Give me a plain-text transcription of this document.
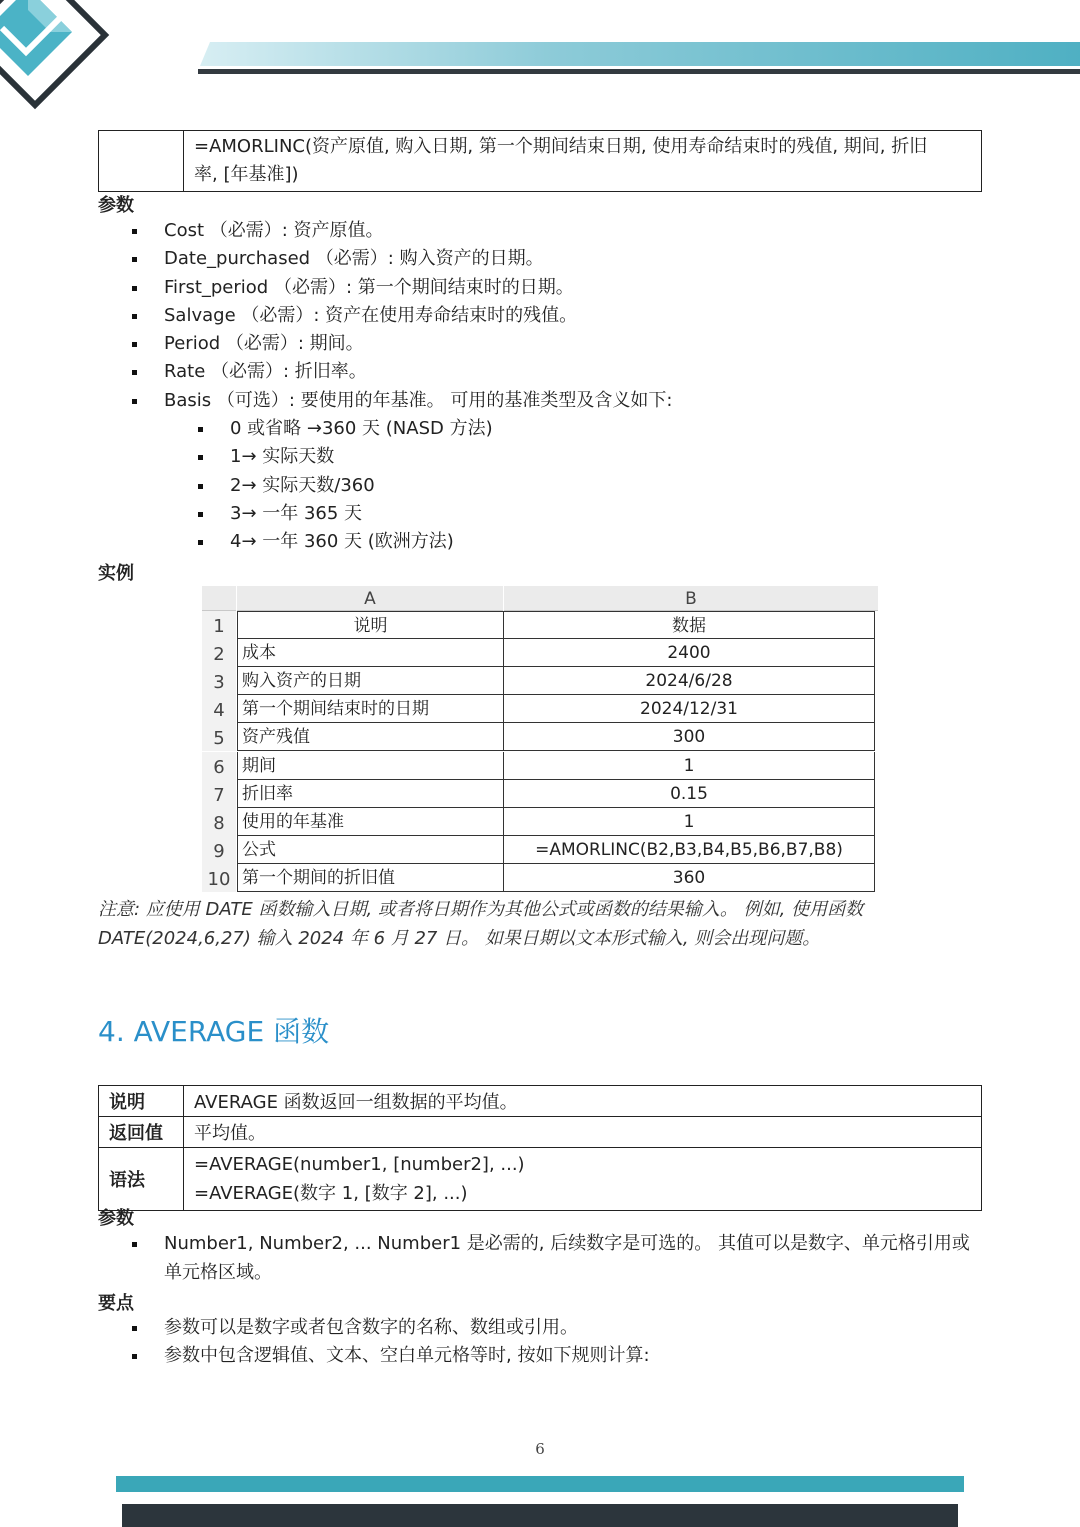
=AMORLINC(资产原值, 购入日期, 第一个期间结束日期, 使用寿命结束时的残值, 期间, 折旧
率, [年基准])
参数
Cost （必需）: 资产原值。
Date_purchased （必需）: 购入资产的日期。
First_period （必需）: 第一个期间结束时的日期。
Salvage （必需）: 资产在使用寿命结束时的残值。
Period （必需）: 期间。
Rate （必需）: 折旧率。
Basis （可选）: 要使用的年基准。 可用的基准类型及含义如下:
0 或省略 →360 天 (NASD 方法)
1→ 实际天数
2→ 实际天数/360
3→ 一年 365 天
4→ 一年 360 天 (欧洲方法)
实例
A	B
1	说明	数据
2	成本	2400
3	购入资产的日期	2024/6/28
4	第一个期间结束时的日期	2024/12/31
5	资产残值	300
6	期间	1
7	折旧率	0.15
8	使用的年基准	1
9	公式	=AMORLINC(B2,B3,B4,B5,B6,B7,B8)
10 第一个期间的折旧值	360
注意: 应使用 DATE 函数输入日期, 或者将日期作为其他公式或函数的结果输入。 例如, 使用函数
DATE(2024,6,27) 输入 2024 年 6 月 27 日。 如果日期以文本形式输入, 则会出现问题。
4. AVERAGE 函数
说明	AVERAGE 函数返回一组数据的平均值。
返回值	平均值。
语法	=AVERAGE(number1, [number2], ...)
=AVERAGE(数字 1, [数字 2], ...)
参数
Number1, Number2, ... Number1 是必需的, 后续数字是可选的。 其值可以是数字、单元格引用或
单元格区域。
要点
参数可以是数字或者包含数字的名称、数组或引用。
参数中包含逻辑值、文本、空白单元格等时, 按如下规则计算:
6
